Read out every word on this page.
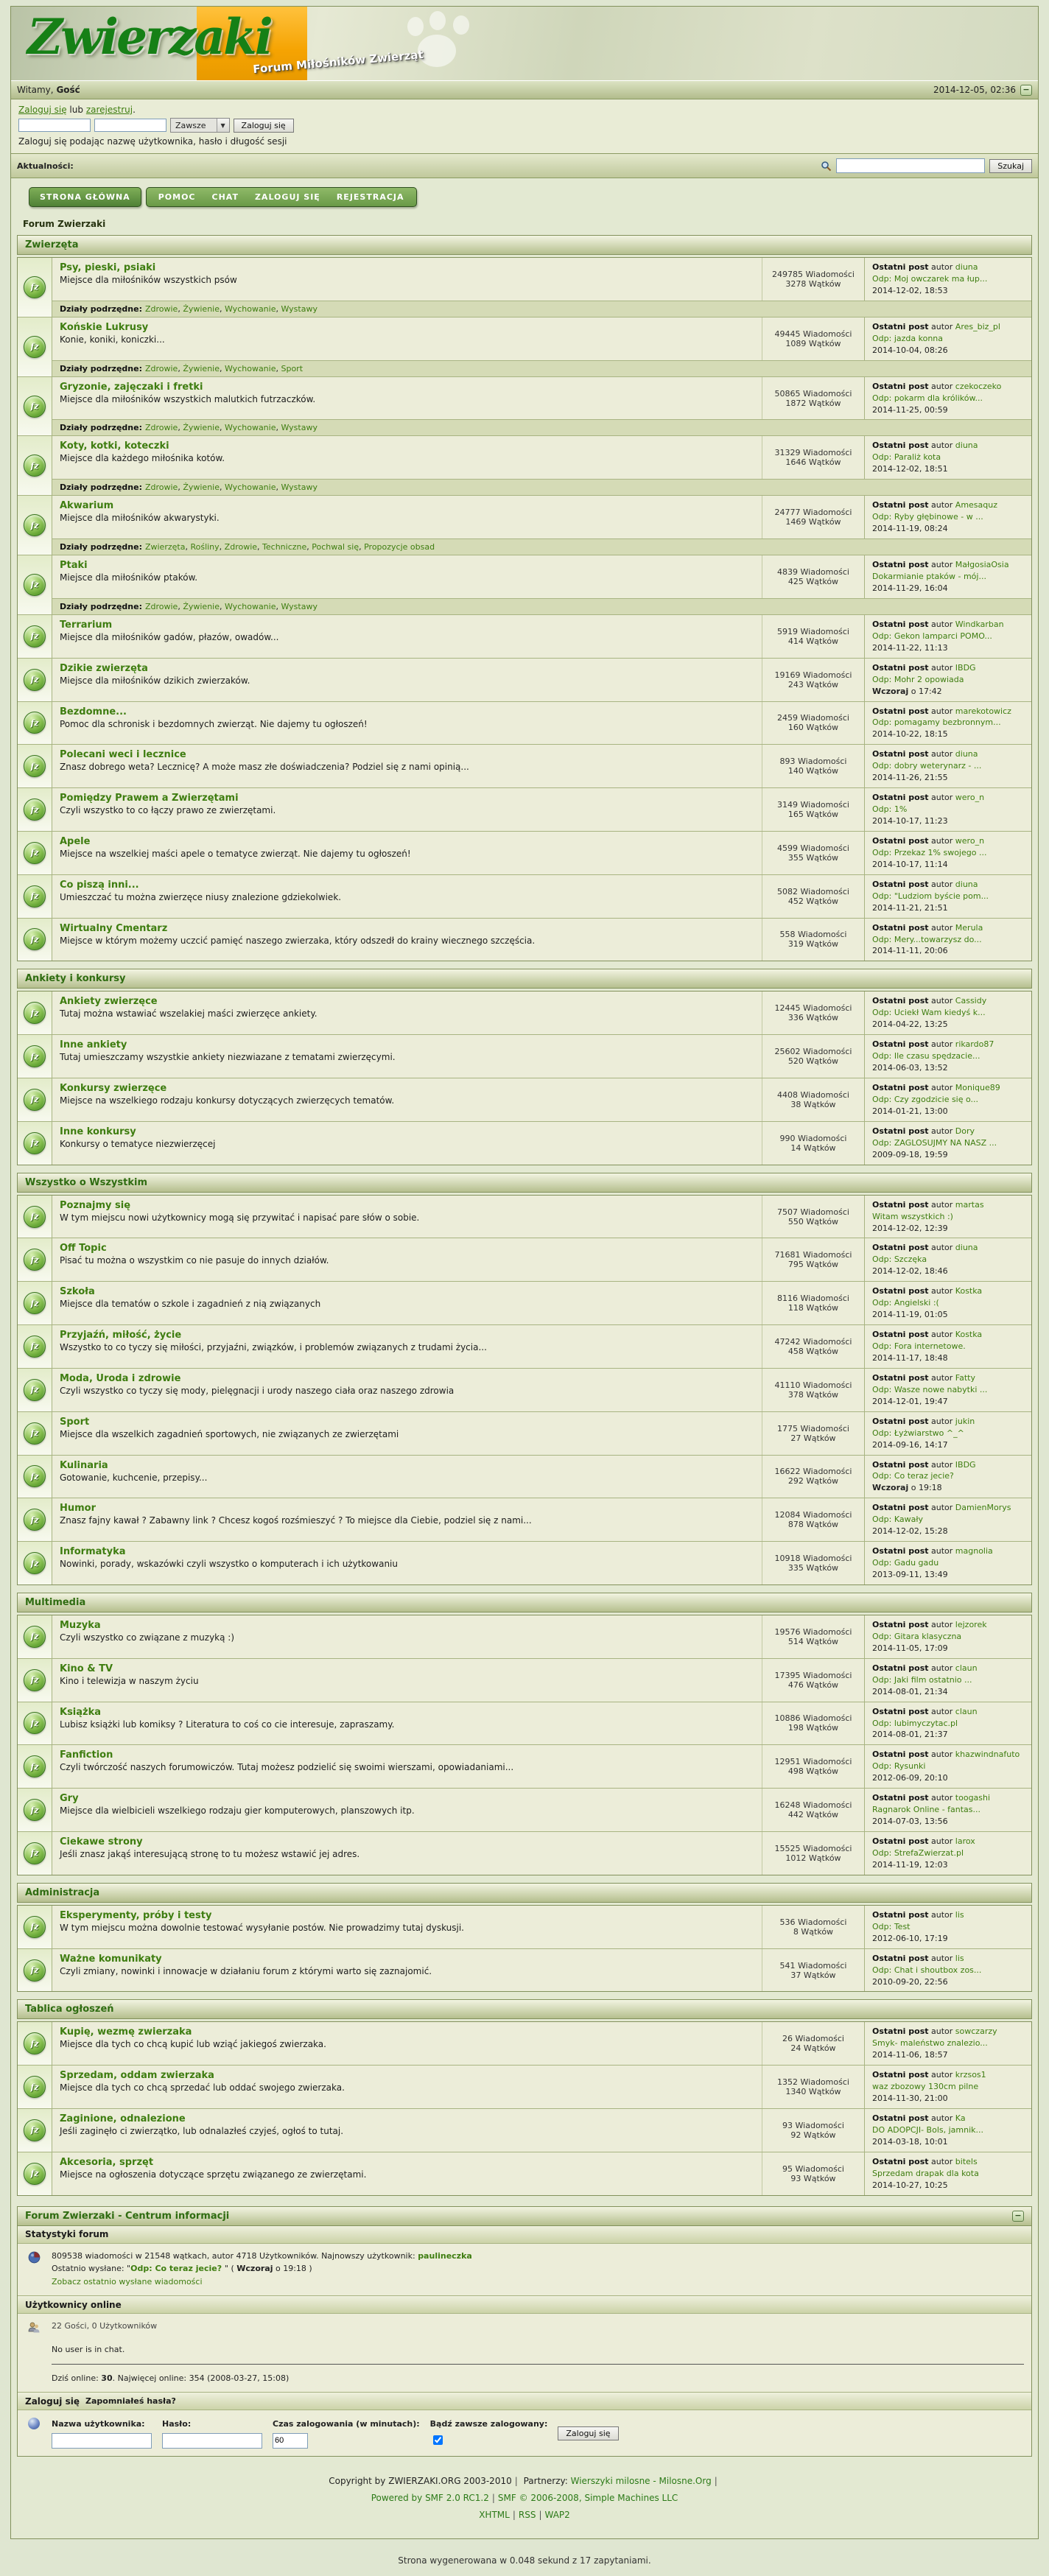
Zwierzaki
Forum Miłośników Zwierząt
Witamy, Gość	2014-12-05, 02:36 −
Zaloguj się lub zarejestruj.
Zawsze	▼	Zaloguj się
Zaloguj się podając nazwę użytkownika, hasło i długość sesji
Aktualności:	Szukaj
STRONA GŁÓWNA	POMOC CHAT ZALOGUJ SIĘ REJESTRACJA
Forum Zwierzaki
Zwierzęta
fz
Psy, pieski, psiaki
Miejsce dla miłośników wszystkich psów
249785 Wiadomości
3278 Wątków
Ostatni post autor diuna
Odp: Moj owczarek ma łup...
2014-12-02, 18:53
Działy podrzędne: Zdrowie, Żywienie, Wychowanie, Wystawy
fz
Końskie Lukrusy
Konie, koniki, koniczki...
49445 Wiadomości
1089 Wątków
Ostatni post autor Ares_biz_pl
Odp: jazda konna
2014-10-04, 08:26
Działy podrzędne: Zdrowie, Żywienie, Wychowanie, Sport
fz
Gryzonie, zajęczaki i fretki
Miejsce dla miłośników wszystkich malutkich futrzaczków.
50865 Wiadomości
1872 Wątków
Ostatni post autor czekoczeko
Odp: pokarm dla królików...
2014-11-25, 00:59
Działy podrzędne: Zdrowie, Żywienie, Wychowanie, Wystawy
fz
Koty, kotki, koteczki
Miejsce dla każdego miłośnika kotów.
31329 Wiadomości
1646 Wątków
Ostatni post autor diuna
Odp: Paraliż kota
2014-12-02, 18:51
Działy podrzędne: Zdrowie, Żywienie, Wychowanie, Wystawy
fz
Akwarium
Miejsce dla miłośników akwarystyki.
24777 Wiadomości
1469 Wątków
Ostatni post autor Amesaquz
Odp: Ryby głębinowe - w ...
2014-11-19, 08:24
Działy podrzędne: Zwierzęta, Rośliny, Zdrowie, Techniczne, Pochwal się, Propozycje obsad
fz
Ptaki
Miejsce dla miłośników ptaków.
4839 Wiadomości
425 Wątków
Ostatni post autor MałgosiaOsia
Dokarmianie ptaków - mój...
2014-11-29, 16:04
Działy podrzędne: Zdrowie, Żywienie, Wychowanie, Wystawy
fz
Terrarium
Miejsce dla miłośników gadów, płazów, owadów...
5919 Wiadomości
414 Wątków
Ostatni post autor Windkarban
Odp: Gekon lamparci POMO...
2014-11-22, 11:13
fz
Dzikie zwierzęta
Miejsce dla miłośników dzikich zwierzaków.
19169 Wiadomości
243 Wątków
Ostatni post autor IBDG
Odp: Mohr 2 opowiada
Wczoraj o 17:42
fz
Bezdomne...
Pomoc dla schronisk i bezdomnych zwierząt. Nie dajemy tu ogłoszeń!
2459 Wiadomości
160 Wątków
Ostatni post autor marekotowicz
Odp: pomagamy bezbronnym...
2014-10-22, 18:15
fz
Polecani weci i lecznice
Znasz dobrego weta? Lecznicę? A może masz złe doświadczenia? Podziel się z nami opinią...
893 Wiadomości
140 Wątków
Ostatni post autor diuna
Odp: dobry weterynarz - ...
2014-11-26, 21:55
fz
Pomiędzy Prawem a Zwierzętami
Czyli wszystko to co łączy prawo ze zwierzętami.
3149 Wiadomości
165 Wątków
Ostatni post autor wero_n
Odp: 1%
2014-10-17, 11:23
fz
Apele
Miejsce na wszelkiej maści apele o tematyce zwierząt. Nie dajemy tu ogłoszeń!
4599 Wiadomości
355 Wątków
Ostatni post autor wero_n
Odp: Przekaz 1% swojego ...
2014-10-17, 11:14
fz
Co piszą inni...
Umieszczać tu można zwierzęce niusy znalezione gdziekolwiek.
5082 Wiadomości
452 Wątków
Ostatni post autor diuna
Odp: "Ludziom byście pom...
2014-11-21, 21:51
fz
Wirtualny Cmentarz
Miejsce w którym możemy uczcić pamięć naszego zwierzaka, który odszedł do krainy wiecznego szczęścia.
558 Wiadomości
319 Wątków
Ostatni post autor Merula
Odp: Mery...towarzysz do...
2014-11-11, 20:06
Ankiety i konkursy
fz
Ankiety zwierzęce
Tutaj można wstawiać wszelakiej maści zwierzęce ankiety.
12445 Wiadomości
336 Wątków
Ostatni post autor Cassidy
Odp: Uciekł Wam kiedyś k...
2014-04-22, 13:25
fz
Inne ankiety
Tutaj umieszczamy wszystkie ankiety niezwiazane z tematami zwierzęcymi.
25602 Wiadomości
520 Wątków
Ostatni post autor rikardo87
Odp: Ile czasu spędzacie...
2014-06-03, 13:52
fz
Konkursy zwierzęce
Miejsce na wszelkiego rodzaju konkursy dotyczących zwierzęcych tematów.
4408 Wiadomości
38 Wątków
Ostatni post autor Monique89
Odp: Czy zgodzicie się o...
2014-01-21, 13:00
fz
Inne konkursy
Konkursy o tematyce niezwierzęcej
990 Wiadomości
14 Wątków
Ostatni post autor Dory
Odp: ZAGLOSUJMY NA NASZ ...
2009-09-18, 19:59
Wszystko o Wszystkim
fz
Poznajmy się
W tym miejscu nowi użytkownicy mogą się przywitać i napisać pare słów o sobie.
7507 Wiadomości
550 Wątków
Ostatni post autor martas
Witam wszystkich :)
2014-12-02, 12:39
fz
Off Topic
Pisać tu można o wszystkim co nie pasuje do innych działów.
71681 Wiadomości
795 Wątków
Ostatni post autor diuna
Odp: Szczęka
2014-12-02, 18:46
fz
Szkoła
Miejsce dla tematów o szkole i zagadnień z nią związanych
8116 Wiadomości
118 Wątków
Ostatni post autor Kostka
Odp: Angielski :(
2014-11-19, 01:05
fz
Przyjaźń, miłość, życie
Wszystko to co tyczy się miłości, przyjaźni, związków, i problemów związanych z trudami życia...
47242 Wiadomości
458 Wątków
Ostatni post autor Kostka
Odp: Fora internetowe.
2014-11-17, 18:48
fz
Moda, Uroda i zdrowie
Czyli wszystko co tyczy się mody, pielęgnacji i urody naszego ciała oraz naszego zdrowia
41110 Wiadomości
378 Wątków
Ostatni post autor Fatty
Odp: Wasze nowe nabytki ...
2014-12-01, 19:47
fz
Sport
Miejsce dla wszelkich zagadnień sportowych, nie związanych ze zwierzętami
1775 Wiadomości
27 Wątków
Ostatni post autor jukin
Odp: Łyżwiarstwo ^_^
2014-09-16, 14:17
fz
Kulinaria
Gotowanie, kuchcenie, przepisy...
16622 Wiadomości
292 Wątków
Ostatni post autor IBDG
Odp: Co teraz jecie?
Wczoraj o 19:18
fz
Humor
Znasz fajny kawał ? Zabawny link ? Chcesz kogoś rozśmieszyć ? To miejsce dla Ciebie, podziel się z nami...
12084 Wiadomości
878 Wątków
Ostatni post autor DamienMorys
Odp: Kawały
2014-12-02, 15:28
fz
Informatyka
Nowinki, porady, wskazówki czyli wszystko o komputerach i ich użytkowaniu
10918 Wiadomości
335 Wątków
Ostatni post autor magnolia
Odp: Gadu gadu
2013-09-11, 13:49
Multimedia
fz
Muzyka
Czyli wszystko co związane z muzyką :)
19576 Wiadomości
514 Wątków
Ostatni post autor lejzorek
Odp: Gitara klasyczna
2014-11-05, 17:09
fz
Kino & TV
Kino i telewizja w naszym życiu
17395 Wiadomości
476 Wątków
Ostatni post autor claun
Odp: Jaki film ostatnio ...
2014-08-01, 21:34
fz
Książka
Lubisz książki lub komiksy ? Literatura to coś co cie interesuje, zapraszamy.
10886 Wiadomości
198 Wątków
Ostatni post autor claun
Odp: lubimyczytac.pl
2014-08-01, 21:37
fz
Fanfiction
Czyli twórczość naszych forumowiczów. Tutaj możesz podzielić się swoimi wierszami, opowiadaniami...
12951 Wiadomości
498 Wątków
Ostatni post autor khazwindnafuto
Odp: Rysunki
2012-06-09, 20:10
fz
Gry
Miejsce dla wielbicieli wszelkiego rodzaju gier komputerowych, planszowych itp.
16248 Wiadomości
442 Wątków
Ostatni post autor toogashi
Ragnarok Online - fantas...
2014-07-03, 13:56
fz
Ciekawe strony
Jeśli znasz jakąś interesującą stronę to tu możesz wstawić jej adres.
15525 Wiadomości
1012 Wątków
Ostatni post autor larox
Odp: StrefaZwierzat.pl
2014-11-19, 12:03
Administracja
fz
Eksperymenty, próby i testy
W tym miejscu można dowolnie testować wysyłanie postów. Nie prowadzimy tutaj dyskusji.
536 Wiadomości
8 Wątków
Ostatni post autor lis
Odp: Test
2012-06-10, 17:19
fz
Ważne komunikaty
Czyli zmiany, nowinki i innowacje w działaniu forum z którymi warto się zaznajomić.
541 Wiadomości
37 Wątków
Ostatni post autor lis
Odp: Chat i shoutbox zos...
2010-09-20, 22:56
Tablica ogłoszeń
fz
Kupię, wezmę zwierzaka
Miejsce dla tych co chcą kupić lub wziąć jakiegoś zwierzaka.
26 Wiadomości
24 Wątków
Ostatni post autor sowczarzy
Smyk- maleństwo znalezio...
2014-11-06, 18:57
fz
Sprzedam, oddam zwierzaka
Miejsce dla tych co chcą sprzedać lub oddać swojego zwierzaka.
1352 Wiadomości
1340 Wątków
Ostatni post autor krzsos1
waz zbozowy 130cm pilne
2014-11-30, 21:00
fz
Zaginione, odnalezione
Jeśli zaginęło ci zwierzątko, lub odnalazłeś czyjeś, ogłoś to tutaj.
93 Wiadomości
92 Wątków
Ostatni post autor Ka
DO ADOPCJI- Bols, jamnik...
2014-03-18, 10:01
fz
Akcesoria, sprzęt
Miejsce na ogłoszenia dotyczące sprzętu związanego ze zwierzętami.
95 Wiadomości
93 Wątków
Ostatni post autor bitels
Sprzedam drapak dla kota
2014-10-27, 10:25
Forum Zwierzaki - Centrum informacji	−
Statystyki forum
809538 wiadomości w 21548 wątkach, autor 4718 Użytkowników. Najnowszy użytkownik: paulineczka
Ostatnio wysłane: "Odp: Co teraz jecie? " ( Wczoraj o 19:18 )
Zobacz ostatnio wysłane wiadomości
Użytkownicy online
22 Gości, 0 Użytkowników
No user is in chat.
Dziś online: 30. Najwięcej online: 354 (2008-03-27, 15:08)
Zaloguj się Zapomniałeś hasła?
Nazwa użytkownika:	Hasło:	Czas zalogowania (w minutach):
60 Bądź zawsze zalogowany:
Zaloguj się
Copyright by ZWIERZAKI.ORG 2003-2010 | Partnerzy: Wierszyki milosne - Milosne.Org |
Powered by SMF 2.0 RC1.2 | SMF © 2006-2008, Simple Machines LLC
XHTML | RSS | WAP2
Strona wygenerowana w 0.048 sekund z 17 zapytaniami.
